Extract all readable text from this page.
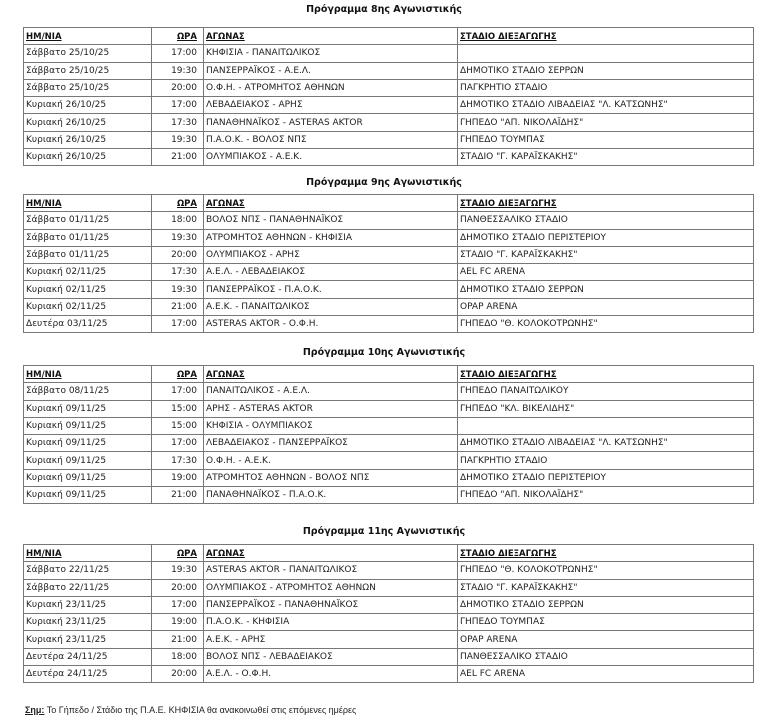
Πρόγραμμα 8ης Αγωνιστικής
ΗΜ/ΝΙΑ	ΩΡΑ	ΑΓΩΝΑΣ	ΣΤΑΔΙΟ ΔΙΕΞΑΓΩΓΗΣ
Σάββατο 25/10/25	17:00	ΚΗΦΙΣΙΑ - ΠΑΝΑΙΤΩΛΙΚΟΣ	
Σάββατο 25/10/25	19:30	ΠΑΝΣΕΡΡΑΪΚΟΣ - Α.Ε.Λ.	ΔΗΜΟΤΙΚΟ ΣΤΑΔΙΟ ΣΕΡΡΩΝ
Σάββατο 25/10/25	20:00	Ο.Φ.Η. - ΑΤΡΟΜΗΤΟΣ ΑΘΗΝΩΝ	ΠΑΓΚΡΗΤΙΟ ΣΤΑΔΙΟ
Κυριακή 26/10/25	17:00	ΛΕΒΑΔΕΙΑΚΟΣ - ΑΡΗΣ	ΔΗΜΟΤΙΚΟ ΣΤΑΔΙΟ ΛΙΒΑΔΕΙΑΣ "Λ. ΚΑΤΣΩΝΗΣ"
Κυριακή 26/10/25	17:30	ΠΑΝΑΘΗΝΑΪΚΟΣ - ASTERAS AKTOR	ΓΗΠΕΔΟ "ΑΠ. ΝΙΚΟΛΑΪΔΗΣ"
Κυριακή 26/10/25	19:30	Π.Α.Ο.Κ. - ΒΟΛΟΣ ΝΠΣ	ΓΗΠΕΔΟ ΤΟΥΜΠΑΣ
Κυριακή 26/10/25	21:00	ΟΛΥΜΠΙΑΚΟΣ - Α.Ε.Κ.	ΣΤΑΔΙΟ "Γ. ΚΑΡΑΪΣΚΑΚΗΣ"
Πρόγραμμα 9ης Αγωνιστικής
ΗΜ/ΝΙΑ	ΩΡΑ	ΑΓΩΝΑΣ	ΣΤΑΔΙΟ ΔΙΕΞΑΓΩΓΗΣ
Σάββατο 01/11/25	18:00	ΒΟΛΟΣ ΝΠΣ - ΠΑΝΑΘΗΝΑΪΚΟΣ	ΠΑΝΘΕΣΣΑΛΙΚΟ ΣΤΑΔΙΟ
Σάββατο 01/11/25	19:30	ΑΤΡΟΜΗΤΟΣ ΑΘΗΝΩΝ - ΚΗΦΙΣΙΑ	ΔΗΜΟΤΙΚΟ ΣΤΑΔΙΟ ΠΕΡΙΣΤΕΡΙΟΥ
Σάββατο 01/11/25	20:00	ΟΛΥΜΠΙΑΚΟΣ - ΑΡΗΣ	ΣΤΑΔΙΟ "Γ. ΚΑΡΑΪΣΚΑΚΗΣ"
Κυριακή 02/11/25	17:30	Α.Ε.Λ. - ΛΕΒΑΔΕΙΑΚΟΣ	AEL FC ARENA
Κυριακή 02/11/25	19:30	ΠΑΝΣΕΡΡΑΪΚΟΣ - Π.Α.Ο.Κ.	ΔΗΜΟΤΙΚΟ ΣΤΑΔΙΟ ΣΕΡΡΩΝ
Κυριακή 02/11/25	21:00	Α.Ε.Κ. - ΠΑΝΑΙΤΩΛΙΚΟΣ	OPAP ARENA
Δευτέρα 03/11/25	17:00	ASTERAS AKTOR - Ο.Φ.Η.	ΓΗΠΕΔΟ "Θ. ΚΟΛΟΚΟΤΡΩΝΗΣ"
Πρόγραμμα 10ης Αγωνιστικής
ΗΜ/ΝΙΑ	ΩΡΑ	ΑΓΩΝΑΣ	ΣΤΑΔΙΟ ΔΙΕΞΑΓΩΓΗΣ
Σάββατο 08/11/25	17:00	ΠΑΝΑΙΤΩΛΙΚΟΣ - Α.Ε.Λ.	ΓΗΠΕΔΟ ΠΑΝΑΙΤΩΛΙΚΟΥ
Κυριακή 09/11/25	15:00	ΑΡΗΣ - ASTERAS AKTOR	ΓΗΠΕΔΟ "ΚΛ. ΒΙΚΕΛΙΔΗΣ"
Κυριακή 09/11/25	15:00	ΚΗΦΙΣΙΑ - ΟΛΥΜΠΙΑΚΟΣ	
Κυριακή 09/11/25	17:00	ΛΕΒΑΔΕΙΑΚΟΣ - ΠΑΝΣΕΡΡΑΪΚΟΣ	ΔΗΜΟΤΙΚΟ ΣΤΑΔΙΟ ΛΙΒΑΔΕΙΑΣ "Λ. ΚΑΤΣΩΝΗΣ"
Κυριακή 09/11/25	17:30	Ο.Φ.Η. - Α.Ε.Κ.	ΠΑΓΚΡΗΤΙΟ ΣΤΑΔΙΟ
Κυριακή 09/11/25	19:00	ΑΤΡΟΜΗΤΟΣ ΑΘΗΝΩΝ - ΒΟΛΟΣ ΝΠΣ	ΔΗΜΟΤΙΚΟ ΣΤΑΔΙΟ ΠΕΡΙΣΤΕΡΙΟΥ
Κυριακή 09/11/25	21:00	ΠΑΝΑΘΗΝΑΪΚΟΣ - Π.Α.Ο.Κ.	ΓΗΠΕΔΟ "ΑΠ. ΝΙΚΟΛΑΪΔΗΣ"
Πρόγραμμα 11ης Αγωνιστικής
ΗΜ/ΝΙΑ	ΩΡΑ	ΑΓΩΝΑΣ	ΣΤΑΔΙΟ ΔΙΕΞΑΓΩΓΗΣ
Σάββατο 22/11/25	19:30	ASTERAS AKTOR - ΠΑΝΑΙΤΩΛΙΚΟΣ	ΓΗΠΕΔΟ "Θ. ΚΟΛΟΚΟΤΡΩΝΗΣ"
Σάββατο 22/11/25	20:00	ΟΛΥΜΠΙΑΚΟΣ - ΑΤΡΟΜΗΤΟΣ ΑΘΗΝΩΝ	ΣΤΑΔΙΟ "Γ. ΚΑΡΑΪΣΚΑΚΗΣ"
Κυριακή 23/11/25	17:00	ΠΑΝΣΕΡΡΑΪΚΟΣ - ΠΑΝΑΘΗΝΑΪΚΟΣ	ΔΗΜΟΤΙΚΟ ΣΤΑΔΙΟ ΣΕΡΡΩΝ
Κυριακή 23/11/25	19:00	Π.Α.Ο.Κ. - ΚΗΦΙΣΙΑ	ΓΗΠΕΔΟ ΤΟΥΜΠΑΣ
Κυριακή 23/11/25	21:00	Α.Ε.Κ. - ΑΡΗΣ	OPAP ARENA
Δευτέρα 24/11/25	18:00	ΒΟΛΟΣ ΝΠΣ - ΛΕΒΑΔΕΙΑΚΟΣ	ΠΑΝΘΕΣΣΑΛΙΚΟ ΣΤΑΔΙΟ
Δευτέρα 24/11/25	20:00	Α.Ε.Λ. - Ο.Φ.Η.	AEL FC ARENA
Σημ: Το Γήπεδο / Στάδιο της Π.Α.Ε. ΚΗΦΙΣΙΑ θα ανακοινωθεί στις επόμενες ημέρες
